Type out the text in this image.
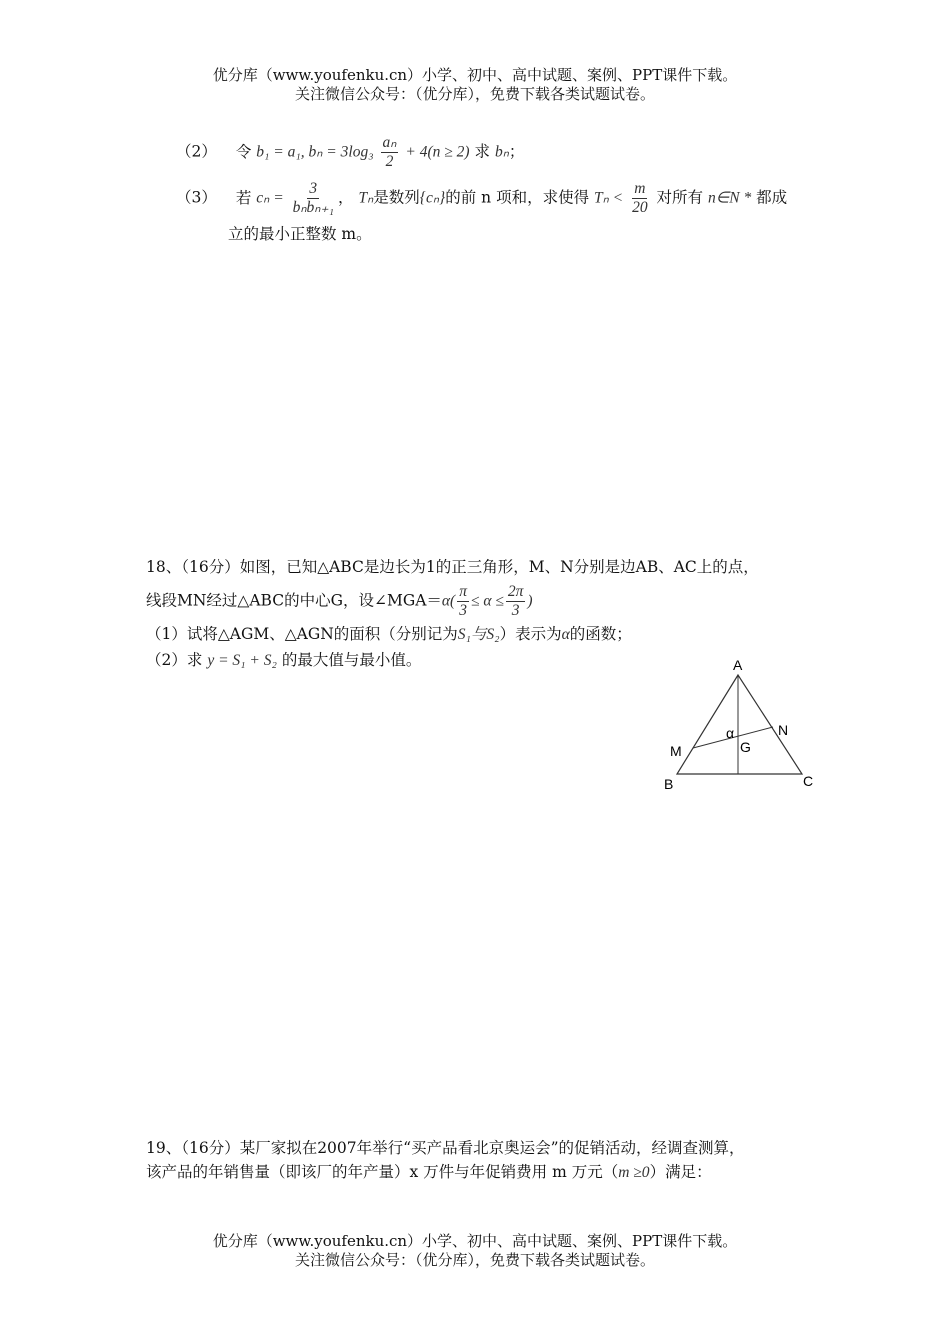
优分库（www.youfenku.cn）小学、初中、高中试题、案例、PPT课件下载。
关注微信公众号：（优分库），免费下载各类试题试卷。
（2） 令 b₁ = a₁, $b_n = 3\log_3 \frac{\text{aₙ}}{2} + 4(n \ge 2)$ 求 bₙ；
（3） 若 $c_n = \frac{3}{\text{bₙbₙ₊₁}}$ ， Tₙ是数列{cₙ}的前 n 项和，求使得 $T_n < \frac{m}{20}$ 对所有 n∈N * 都成
立的最小正整数 m。
18、（16分）如图，已知△ABC是边长为1的正三角形，M、N分别是边AB、AC上的点，
线段MN经过△ABC的中心G，设∠MGA＝α( $\frac{\pi}{3} \le \alpha \le \frac{2\pi}{3}$ )
（1）试将△AGM、△AGN的面积（分别记为S₁与S₂）表示为α的函数；
（2）求 y = S₁ + S₂ 的最大值与最小值。	A
B	C
M
N
G
α
19、（16分）某厂家拟在2007年举行“买产品看北京奥运会”的促销活动，经调查测算，
该产品的年销售量（即该厂的年产量）x 万件与年促销费用 m 万元（m ≥0）满足：
优分库（www.youfenku.cn）小学、初中、高中试题、案例、PPT课件下载。
关注微信公众号：（优分库），免费下载各类试题试卷。
